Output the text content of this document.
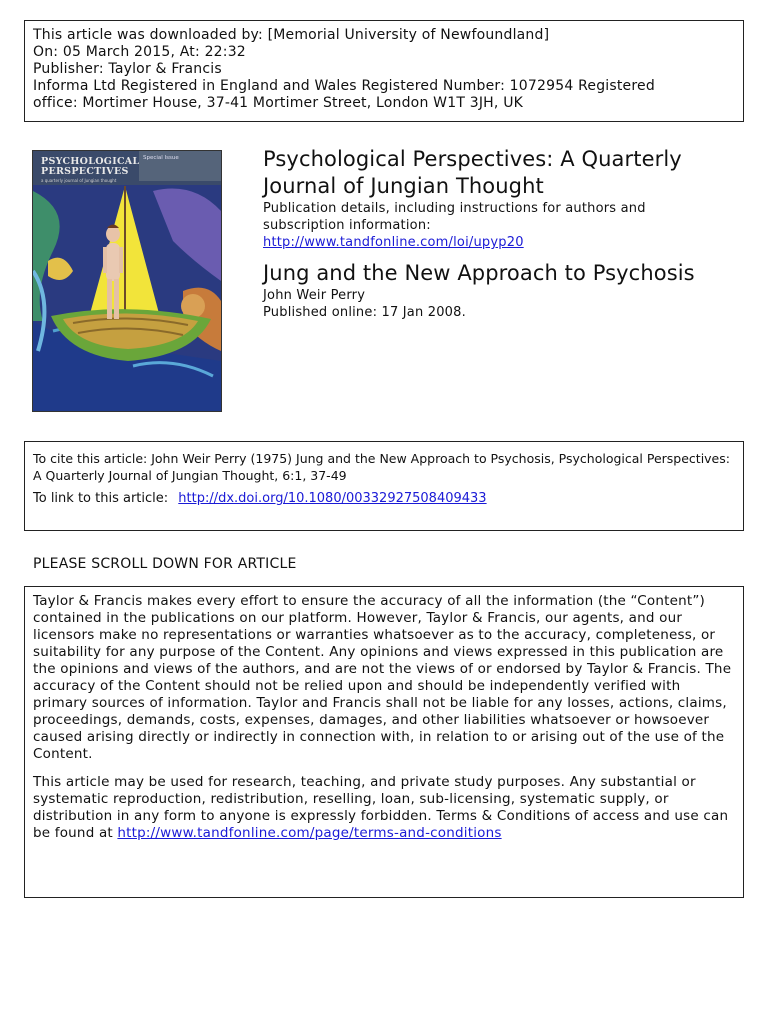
This article was downloaded by: [Memorial University of Newfoundland]
On: 05 March 2015, At: 22:32
Publisher: Taylor & Francis
Informa Ltd Registered in England and Wales Registered Number: 1072954 Registered
office: Mortimer House, 37-41 Mortimer Street, London W1T 3JH, UK
PSYCHOLOGICAL
PERSPECTIVES
a quarterly journal of Jungian thought
Special Issue	Psychological Perspectives: A Quarterly Journal of Jungian Thought
Publication details, including instructions for authors and subscription information:
http://www.tandfonline.com/loi/upyp20
Jung and the New Approach to Psychosis
John Weir Perry
Published online: 17 Jan 2008.
To cite this article: John Weir Perry (1975) Jung and the New Approach to Psychosis, Psychological Perspectives: A Quarterly Journal of Jungian Thought, 6:1, 37-49
To link to this article: http://dx.doi.org/10.1080/00332927508409433
PLEASE SCROLL DOWN FOR ARTICLE

Taylor & Francis makes every effort to ensure the accuracy of all the information (the “Content”) contained in the publications on our platform. However, Taylor & Francis, our agents, and our licensors make no representations or warranties whatsoever as to the accuracy, completeness, or suitability for any purpose of the Content. Any opinions and views expressed in this publication are the opinions and views of the authors, and are not the views of or endorsed by Taylor & Francis. The accuracy of the Content should not be relied upon and should be independently verified with primary sources of information. Taylor and Francis shall not be liable for any losses, actions, claims, proceedings, demands, costs, expenses, damages, and other liabilities whatsoever or howsoever caused arising directly or indirectly in connection with, in relation to or arising out of the use of the Content.

This article may be used for research, teaching, and private study purposes. Any substantial or systematic reproduction, redistribution, reselling, loan, sub-licensing, systematic supply, or distribution in any form to anyone is expressly forbidden. Terms & Conditions of access and use can be found at http://www.tandfonline.com/page/terms-and-conditions
